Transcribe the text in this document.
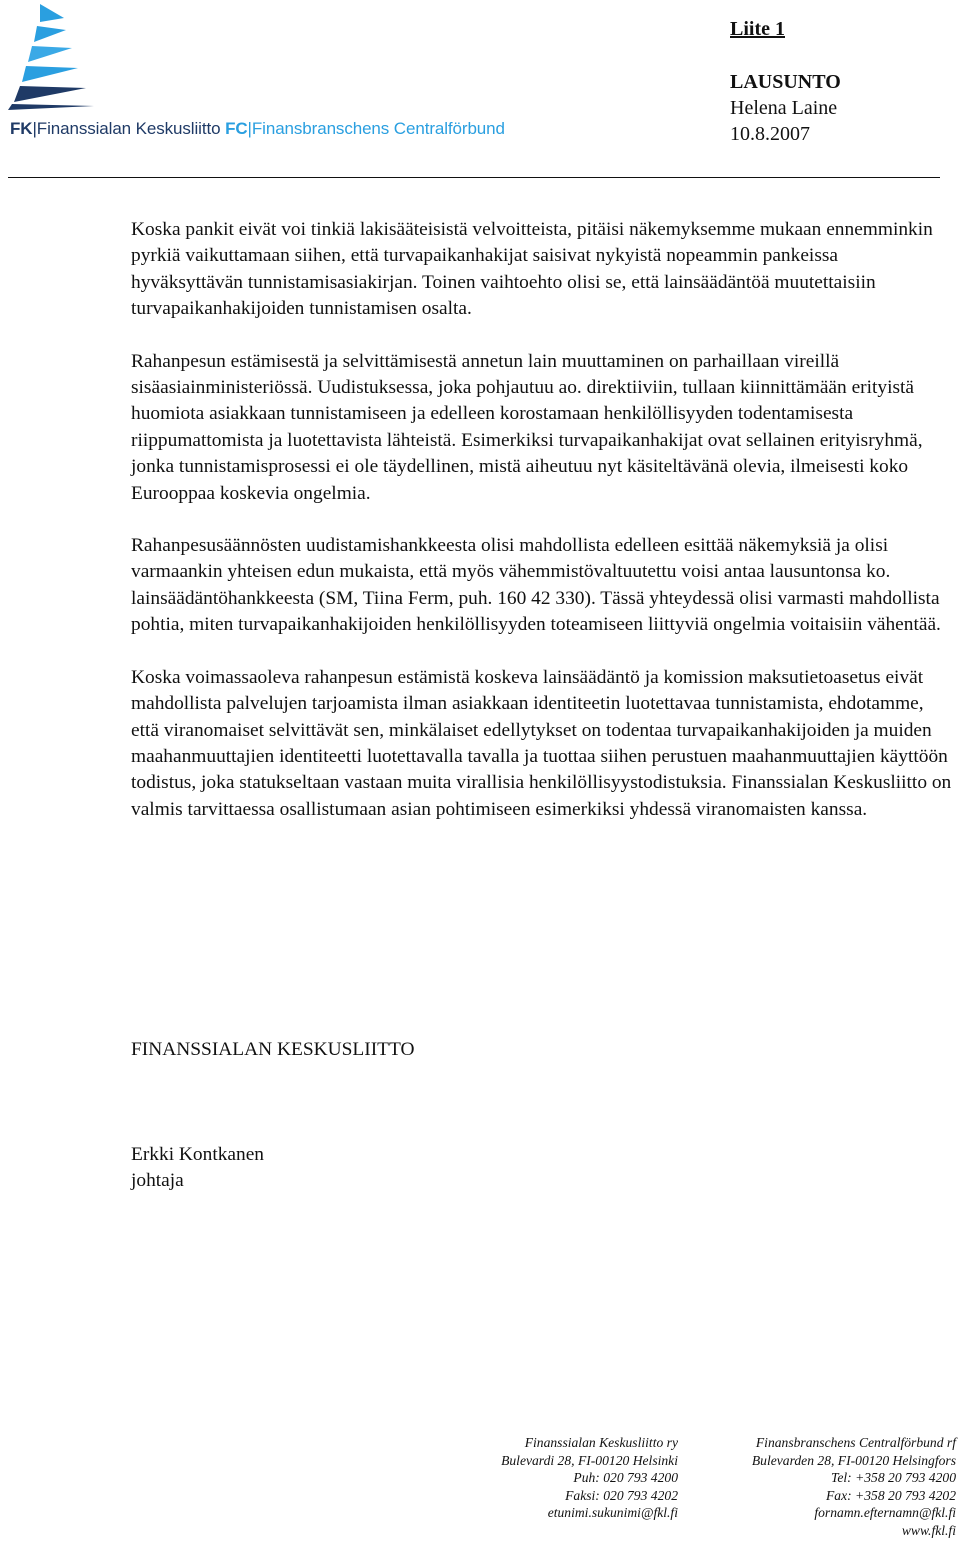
FK|Finanssialan Keskusliitto FC|Finansbranschens Centralförbund
Liite 1
LAUSUNTO
Helena Laine
10.8.2007

Koska pankit eivät voi tinkiä lakisääteisistä velvoitteista, pitäisi näkemyksemme mukaan ennemminkin pyrkiä vaikuttamaan siihen, että turvapaikanhakijat saisivat nykyistä nopeammin pankeissa hyväksyttävän tunnistamisasiakirjan. Toinen vaihtoehto olisi se, että lainsäädäntöä muutettaisiin turvapaikanhakijoiden tunnistamisen osalta.

Rahanpesun estämisestä ja selvittämisestä annetun lain muuttaminen on parhaillaan vireillä sisäasiainministeriössä. Uudistuksessa, joka pohjautuu ao. direktiiviin, tullaan kiinnittämään erityistä huomiota asiakkaan tunnistamiseen ja edelleen korostamaan henkilöllisyyden todentamisesta riippumattomista ja luotettavista lähteistä. Esimerkiksi turvapaikanhakijat ovat sellainen erityisryhmä, jonka tunnistamisprosessi ei ole täydellinen, mistä aiheutuu nyt käsiteltävänä olevia, ilmeisesti koko Eurooppaa koskevia ongelmia.

Rahanpesusäännösten uudistamishankkeesta olisi mahdollista edelleen esittää näkemyksiä ja olisi varmaankin yhteisen edun mukaista, että myös vähemmistövaltuutettu voisi antaa lausuntonsa ko. lainsäädäntöhankkeesta (SM, Tiina Ferm, puh. 160 42 330). Tässä yhteydessä olisi varmasti mahdollista pohtia, miten turvapaikanhakijoiden henkilöllisyyden toteamiseen liittyviä ongelmia voitaisiin vähentää.

Koska voimassaoleva rahanpesun estämistä koskeva lainsäädäntö ja komission maksutietoasetus eivät mahdollista palvelujen tarjoamista ilman asiakkaan identiteetin luotettavaa tunnistamista, ehdotamme, että viranomaiset selvittävät sen, minkälaiset edellytykset on todentaa turvapaikanhakijoiden ja muiden maahanmuuttajien identiteetti luotettavalla tavalla ja tuottaa siihen perustuen maahanmuuttajien käyttöön todistus, joka statukseltaan vastaan muita virallisia henkilöllisyystodistuksia. Finanssialan Keskusliitto on valmis tarvittaessa osallistumaan asian pohtimiseen esimerkiksi yhdessä viranomaisten kanssa.

FINANSSIALAN KESKUSLIITTO
Erkki Kontkanen
johtaja
Finanssialan Keskusliitto ry
Bulevardi 28, FI-00120 Helsinki
Puh: 020 793 4200
Faksi: 020 793 4202
etunimi.sukunimi@fkl.fi
Finansbranschens Centralförbund rf
Bulevarden 28, FI-00120 Helsingfors
Tel: +358 20 793 4200
Fax: +358 20 793 4202
fornamn.efternamn@fkl.fi
www.fkl.fi
